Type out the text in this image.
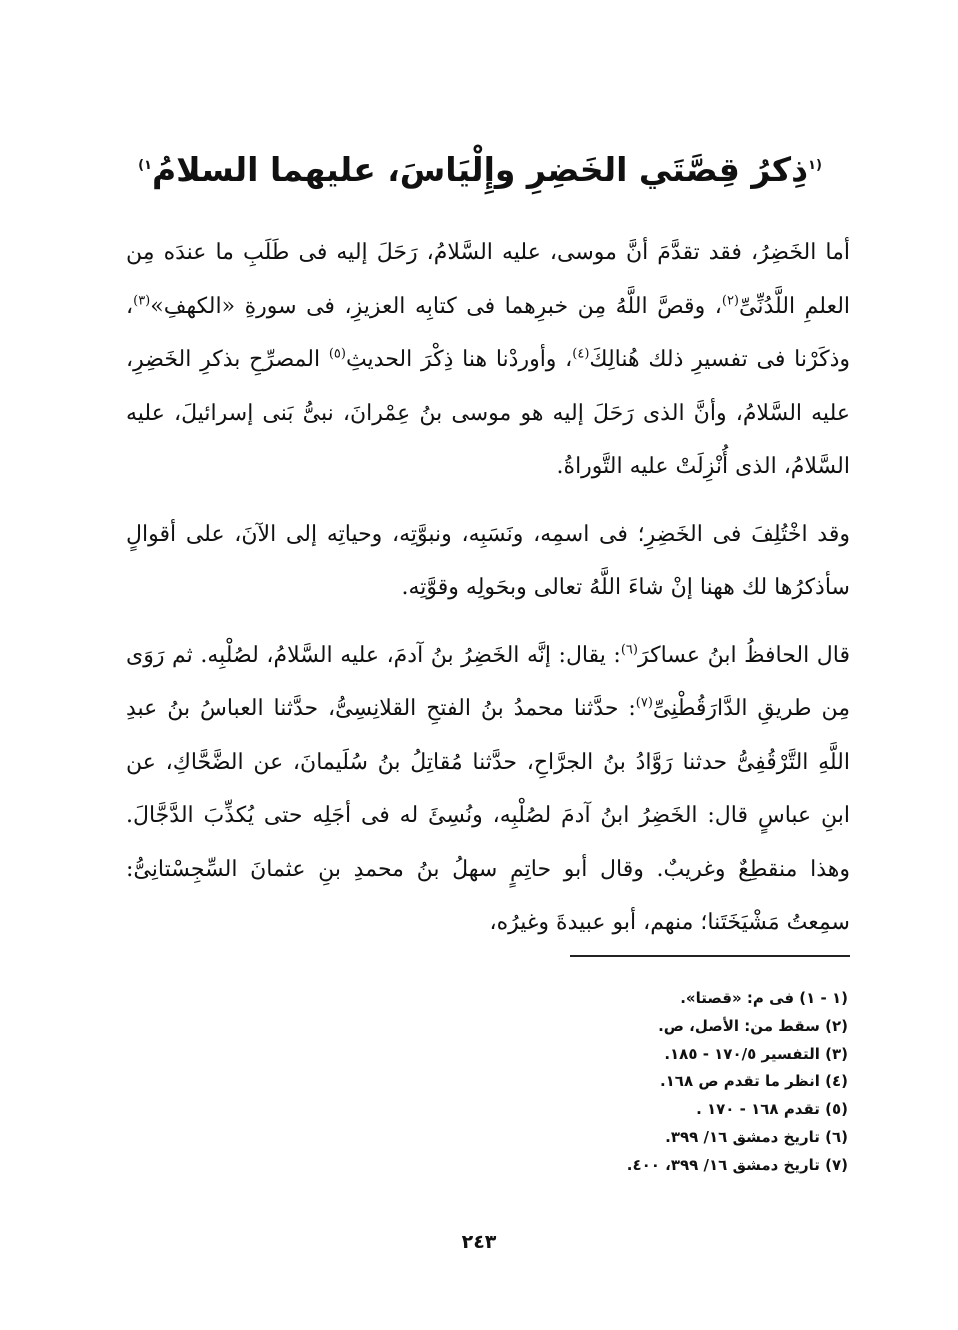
$^{(١}$ذِكرُ قِصَّتَي الخَضِرِ وإِلْيَاسَ، عليهما السلامُ$^{١)}$

أما الخَضِرُ، فقد تقدَّمَ أنَّ موسى، عليه السَّلامُ، رَحَلَ إليه فى طَلَبِ ما عندَه مِن العلمِ اللَّدُنِّىِّ$^{(٢)}$، وقصَّ اللَّهُ مِن خبرِهما فى كتابِه العزيزِ، فى سورةِ «الكهفِ»$^{(٣)}$، وذكَرْنا فى تفسيرِ ذلك هُنالِكَ$^{(٤)}$، وأوردْنا هنا ذِكْرَ الحديثِ$^{(٥)}$ المصرِّحِ بذكرِ الخَضِرِ، عليه السَّلامُ، وأنَّ الذى رَحَلَ إليه هو موسى بنُ عِمْرانَ، نبىُّ بَنى إسرائيلَ، عليه السَّلامُ، الذى أُنْزِلَتْ عليه التَّوراةُ.

وقد اخْتُلِفَ فى الخَضِرِ؛ فى اسمِه، ونَسَبِه، ونبوَّتِه، وحياتِه إلى الآنَ، على أقوالٍ سأذكرُها لك ههنا إنْ شاءَ اللَّهُ تعالى وبحَولِه وقوَّتِه.

قال الحافظُ ابنُ عساكرَ$^{(٦)}$: يقال: إنَّه الخَضِرُ بنُ آدمَ، عليه السَّلامُ، لصُلْبِه. ثم رَوَى مِن طريقِ الدَّارَقُطْنِىِّ$^{(٧)}$: حدَّثنا محمدُ بنُ الفتحِ القلانِسِىُّ، حدَّثنا العباسُ بنُ عبدِ اللَّهِ التَّرْقُفِىُّ حدثنا رَوَّادُ بنُ الجرَّاحِ، حدَّثنا مُقاتِلُ بنُ سُلَيمانَ، عن الضَّحَّاكِ، عن ابنِ عباسٍ قال: الخَضِرُ ابنُ آدمَ لصُلْبِه، ونُسِئَ له فى أجَلِه حتى يُكذِّبَ الدَّجَّالَ. وهذا منقطِعٌ وغريبٌ. وقال أبو حاتِمٍ سهلُ بنُ محمدِ بنِ عثمانَ السِّجِسْتانِىُّ: سمِعتُ مَشْيَخَتَنا؛ منهم، أبو عبيدةَ وغيرُه،

(١ - ١) فى م: «قصتا».
(٢) سقط من: الأصل، ص.
(٣) التفسير ١٧٠/٥ - ١٨٥.
(٤) انظر ما تقدم ص ١٦٨.
(٥) تقدم ١٦٨ - ١٧٠ .
(٦) تاريخ دمشق ١٦/ ٣٩٩.
(٧) تاريخ دمشق ١٦/ ٣٩٩، ٤٠٠.
٢٤٣
